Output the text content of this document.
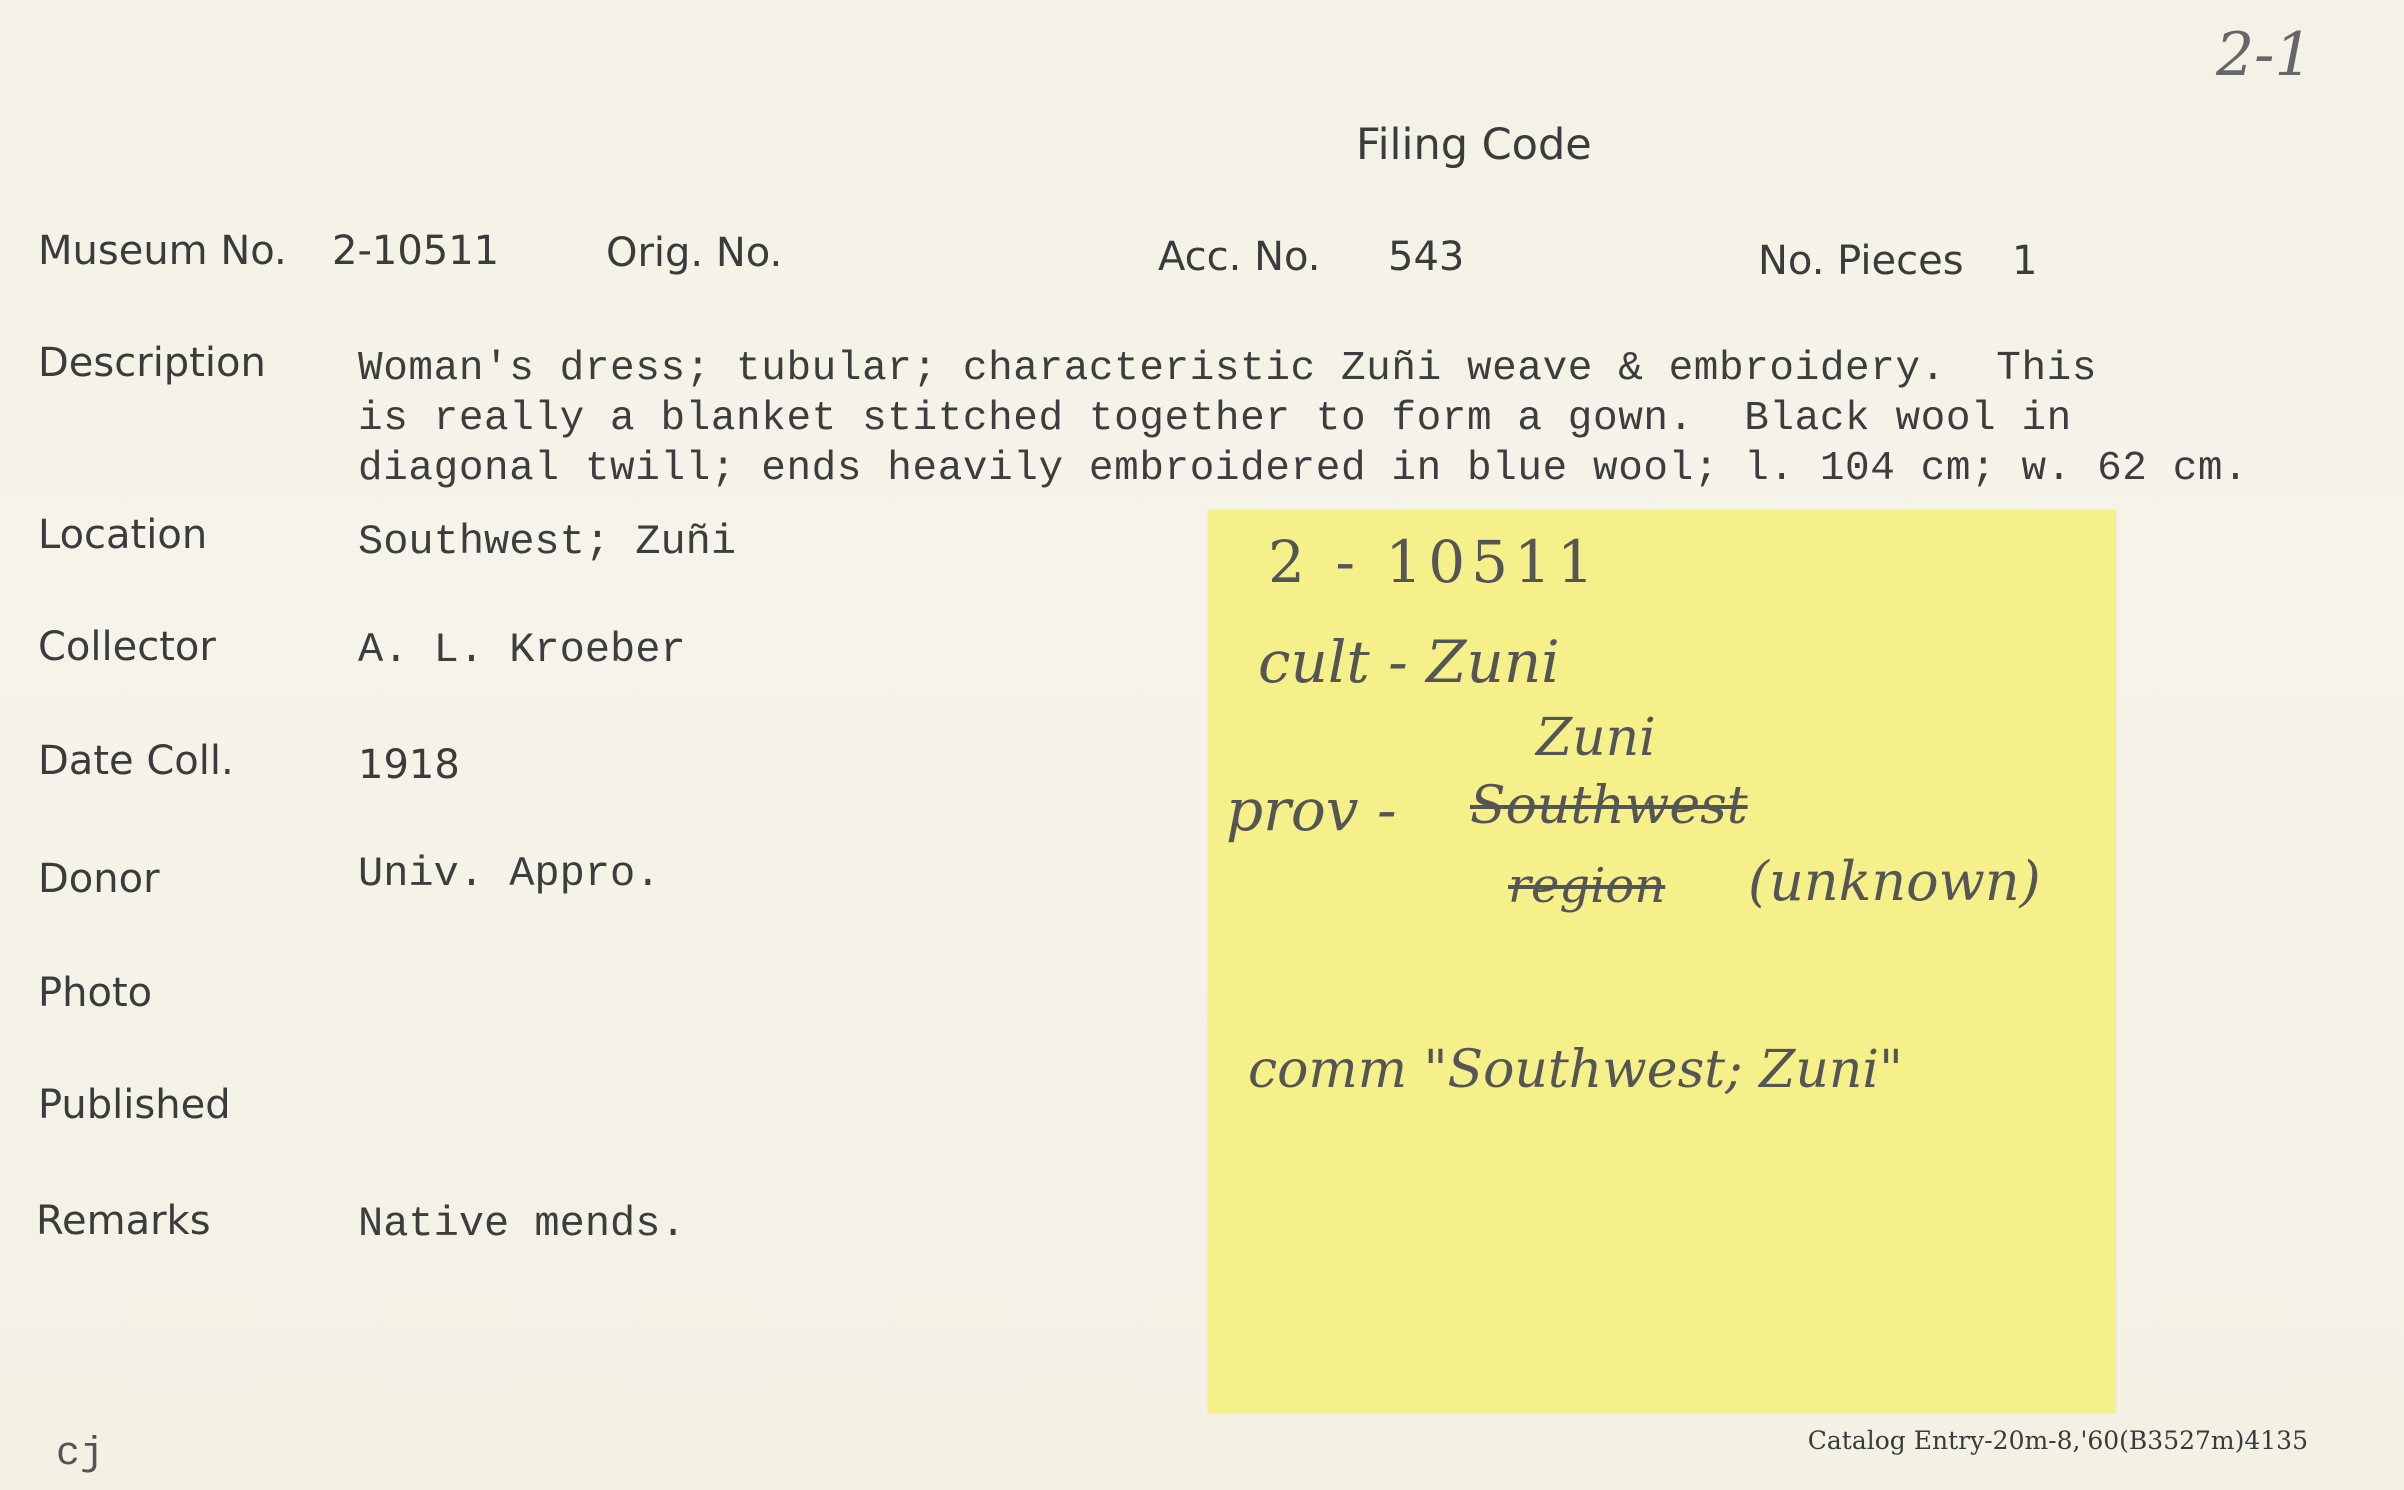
2-1
Filing Code
Museum No. 2-10511	Orig. No.	Acc. No. 543	No. Pieces 1
Description Woman's dress; tubular; characteristic Zuñi weave & embroidery.  This
is really a blanket stitched together to form a gown.  Black wool in
diagonal twill; ends heavily embroidered in blue wool; l. 104 cm; w. 62 cm.
Location	Southwest; Zuñi
Collector	A. L. Kroeber
Date Coll.	1918
Donor	Univ. Appro.
Photo
Published
Remarks	Native mends.
2 - 10511
cult - Zuni
Zuni
prov - Southwest
region (unknown)
comm "Southwest; Zuni"
cj	Catalog Entry-20m-8,'60(B3527m)4135
